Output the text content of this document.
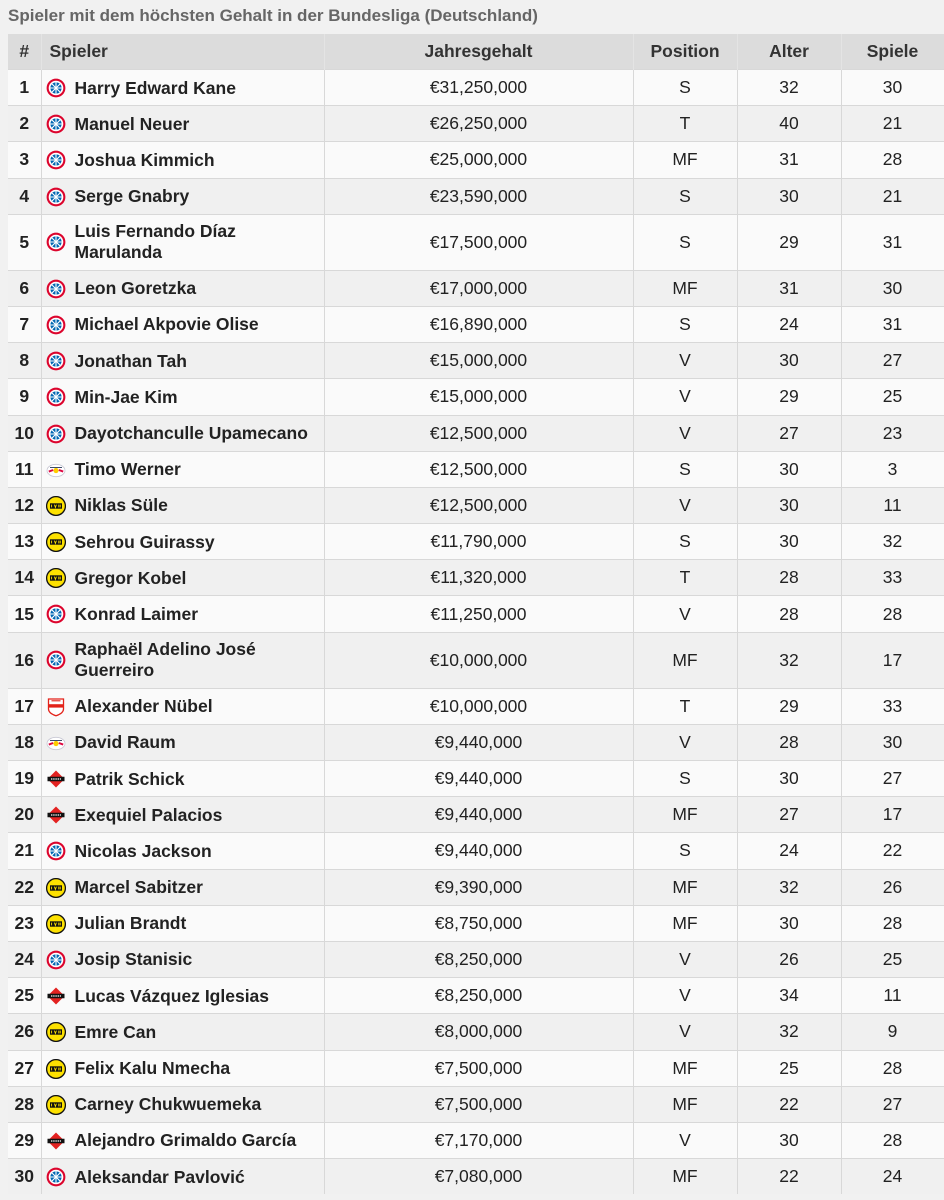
Spieler mit dem höchsten Gehalt in der Bundesliga (Deutschland)
#	Spieler	Jahresgehalt	Position	Alter	Spiele
1	Harry Edward Kane	€31,250,000	S	32	30
2	Manuel Neuer	€26,250,000	T	40	21
3	Joshua Kimmich	€25,000,000	MF	31	28
4	Serge Gnabry	€23,590,000	S	30	21
5	Luis Fernando Díaz Marulanda	€17,500,000	S	29	31
6	Leon Goretzka	€17,000,000	MF	31	30
7	Michael Akpovie Olise	€16,890,000	S	24	31
8	Jonathan Tah	€15,000,000	V	30	27
9	Min-Jae Kim	€15,000,000	V	29	25
10	Dayotchanculle Upamecano	€12,500,000	V	27	23
11	Timo Werner	€12,500,000	S	30	3
12	Niklas Süle	€12,500,000	V	30	11
13	Sehrou Guirassy	€11,790,000	S	30	32
14	Gregor Kobel	€11,320,000	T	28	33
15	Konrad Laimer	€11,250,000	V	28	28
16	Raphaël Adelino José Guerreiro	€10,000,000	MF	32	17
17	Alexander Nübel	€10,000,000	T	29	33
18	David Raum	€9,440,000	V	28	30
19	Patrik Schick	€9,440,000	S	30	27
20	Exequiel Palacios	€9,440,000	MF	27	17
21	Nicolas Jackson	€9,440,000	S	24	22
22	Marcel Sabitzer	€9,390,000	MF	32	26
23	Julian Brandt	€8,750,000	MF	30	28
24	Josip Stanisic	€8,250,000	V	26	25
25	Lucas Vázquez Iglesias	€8,250,000	V	34	11
26	Emre Can	€8,000,000	V	32	9
27	Felix Kalu Nmecha	€7,500,000	MF	25	28
28	Carney Chukwuemeka	€7,500,000	MF	22	27
29	Alejandro Grimaldo García	€7,170,000	V	30	28
30	Aleksandar Pavlović	€7,080,000	MF	22	24
